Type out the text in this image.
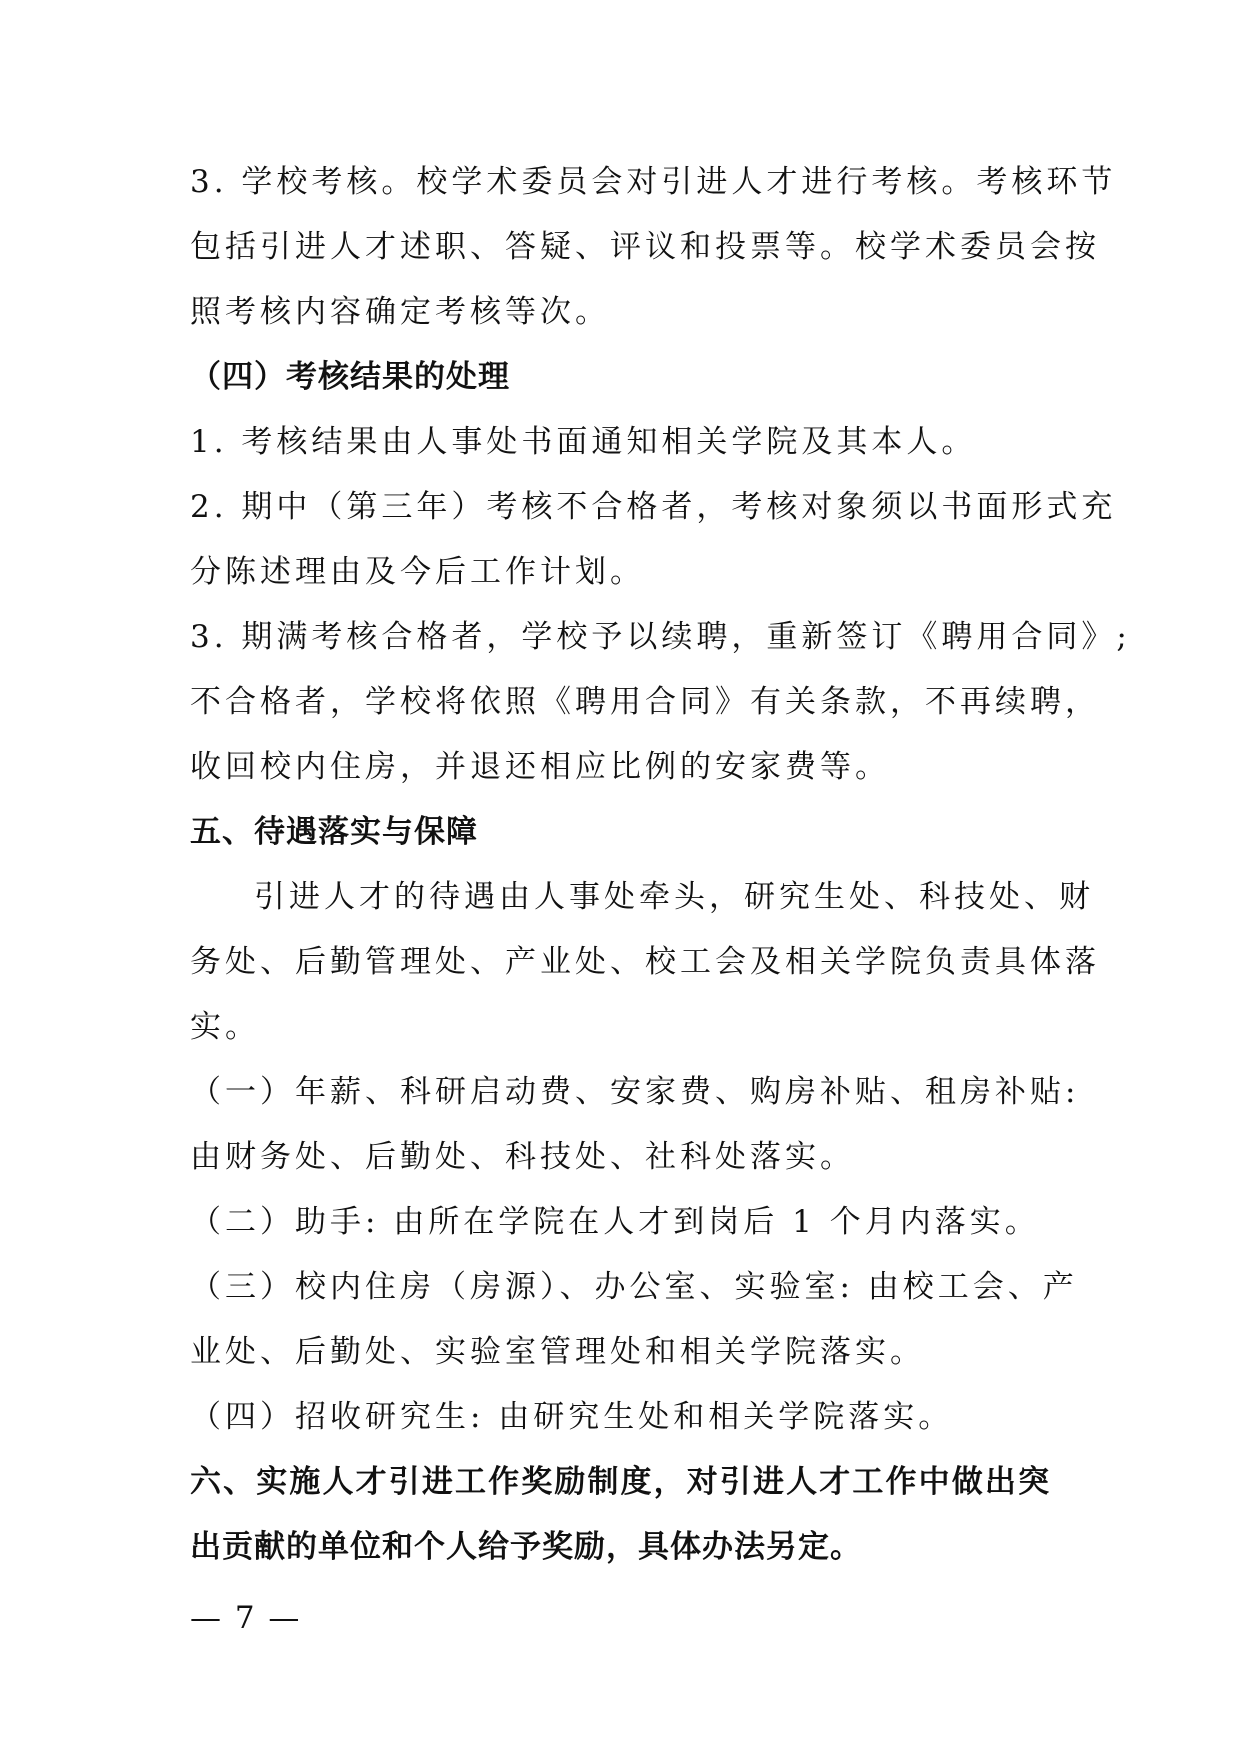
3. 学校考核。校学术委员会对引进人才进行考核。考核环节
包括引进人才述职、答疑、评议和投票等。校学术委员会按
照考核内容确定考核等次。
（四）考核结果的处理
1. 考核结果由人事处书面通知相关学院及其本人。
2. 期中（第三年）考核不合格者，考核对象须以书面形式充
分陈述理由及今后工作计划。
3. 期满考核合格者，学校予以续聘，重新签订《聘用合同》;
不合格者，学校将依照《聘用合同》有关条款，不再续聘，
收回校内住房，并退还相应比例的安家费等。
五、待遇落实与保障
引进人才的待遇由人事处牵头，研究生处、科技处、财
务处、后勤管理处、产业处、校工会及相关学院负责具体落
实。
（一）年薪、科研启动费、安家费、购房补贴、租房补贴:
由财务处、后勤处、科技处、社科处落实。
（二）助手: 由所在学院在人才到岗后 1 个月内落实。
（三）校内住房（房源）、办公室、实验室: 由校工会、产
业处、后勤处、实验室管理处和相关学院落实。
（四）招收研究生: 由研究生处和相关学院落实。
六、实施人才引进工作奖励制度，对引进人才工作中做出突
出贡献的单位和个人给予奖励，具体办法另定。
— 7 —
